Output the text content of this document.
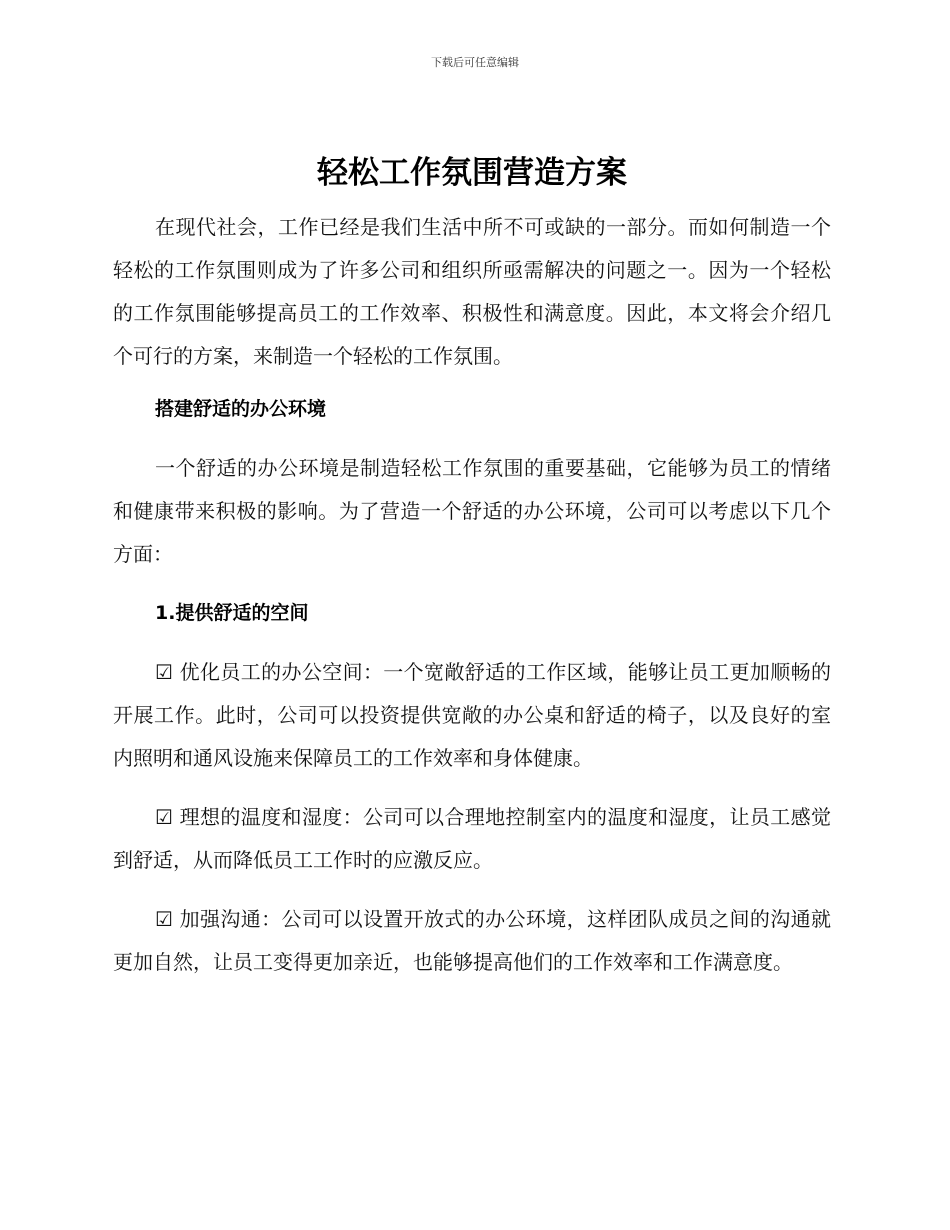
下载后可任意编辑
轻松工作氛围营造方案

在现代社会，工作已经是我们生活中所不可或缺的一部分。而如何制造一个轻松的工作氛围则成为了许多公司和组织所亟需解决的问题之一。因为一个轻松的工作氛围能够提高员工的工作效率、积极性和满意度。因此，本文将会介绍几个可行的方案，来制造一个轻松的工作氛围。

搭建舒适的办公环境

一个舒适的办公环境是制造轻松工作氛围的重要基础，它能够为员工的情绪和健康带来积极的影响。为了营造一个舒适的办公环境，公司可以考虑以下几个方面：

1.提供舒适的空间

☑ 优化员工的办公空间：一个宽敞舒适的工作区域，能够让员工更加顺畅的开展工作。此时，公司可以投资提供宽敞的办公桌和舒适的椅子，以及良好的室内照明和通风设施来保障员工的工作效率和身体健康。

☑ 理想的温度和湿度：公司可以合理地控制室内的温度和湿度，让员工感觉到舒适，从而降低员工工作时的应激反应。

☑ 加强沟通：公司可以设置开放式的办公环境，这样团队成员之间的沟通就更加自然，让员工变得更加亲近，也能够提高他们的工作效率和工作满意度。
